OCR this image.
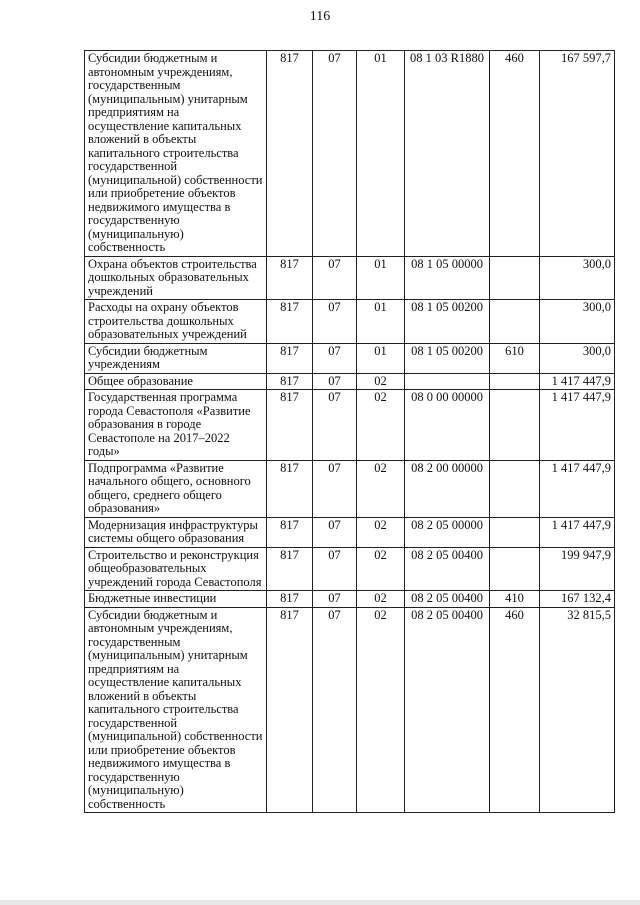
116
Субсидии бюджетным и автономным учреждениям, государственным (муниципальным) унитарным предприятиям на осуществление капитальных вложений в объекты капитального строительства государственной (муниципальной) собственности или приобретение объектов недвижимого имущества в государственную (муниципальную) собственность	817	07	01	08 1 03 R1880	460	167 597,7
Охрана объектов строительства дошкольных образовательных учреждений	817	07	01	08 1 05 00000		300,0
Расходы на охрану объектов строительства дошкольных образовательных учреждений	817	07	01	08 1 05 00200		300,0
Субсидии бюджетным учреждениям	817	07	01	08 1 05 00200	610	300,0
Общее образование	817	07	02			1 417 447,9
Государственная программа города Севастополя «Развитие образования в городе Севастополе на 2017–2022 годы»	817	07	02	08 0 00 00000		1 417 447,9
Подпрограмма «Развитие начального общего, основного общего, среднего общего образования»	817	07	02	08 2 00 00000		1 417 447,9
Модернизация инфраструктуры системы общего образования	817	07	02	08 2 05 00000		1 417 447,9
Строительство и реконструкция общеобразовательных учреждений города Севастополя	817	07	02	08 2 05 00400		199 947,9
Бюджетные инвестиции	817	07	02	08 2 05 00400	410	167 132,4
Субсидии бюджетным и автономным учреждениям, государственным (муниципальным) унитарным предприятиям на осуществление капитальных вложений в объекты капитального строительства государственной (муниципальной) собственности или приобретение объектов недвижимого имущества в государственную (муниципальную) собственность	817	07	02	08 2 05 00400	460	32 815,5
